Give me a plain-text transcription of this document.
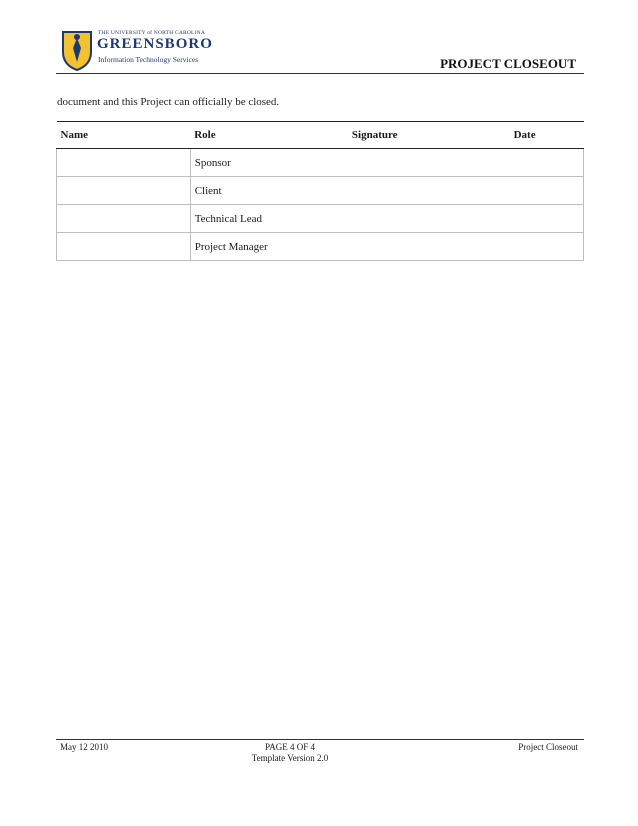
THE UNIVERSITY of NORTH CAROLINA
GREENSBORO
Information Technology Services	PROJECT CLOSEOUT
document and this Project can officially be closed.
Name	Role	Signature	Date
	Sponsor		
	Client		
	Technical Lead		
	Project Manager		
May 12 2010	PAGE 4 OF 4
Template Version 2.0
Project Closeout
